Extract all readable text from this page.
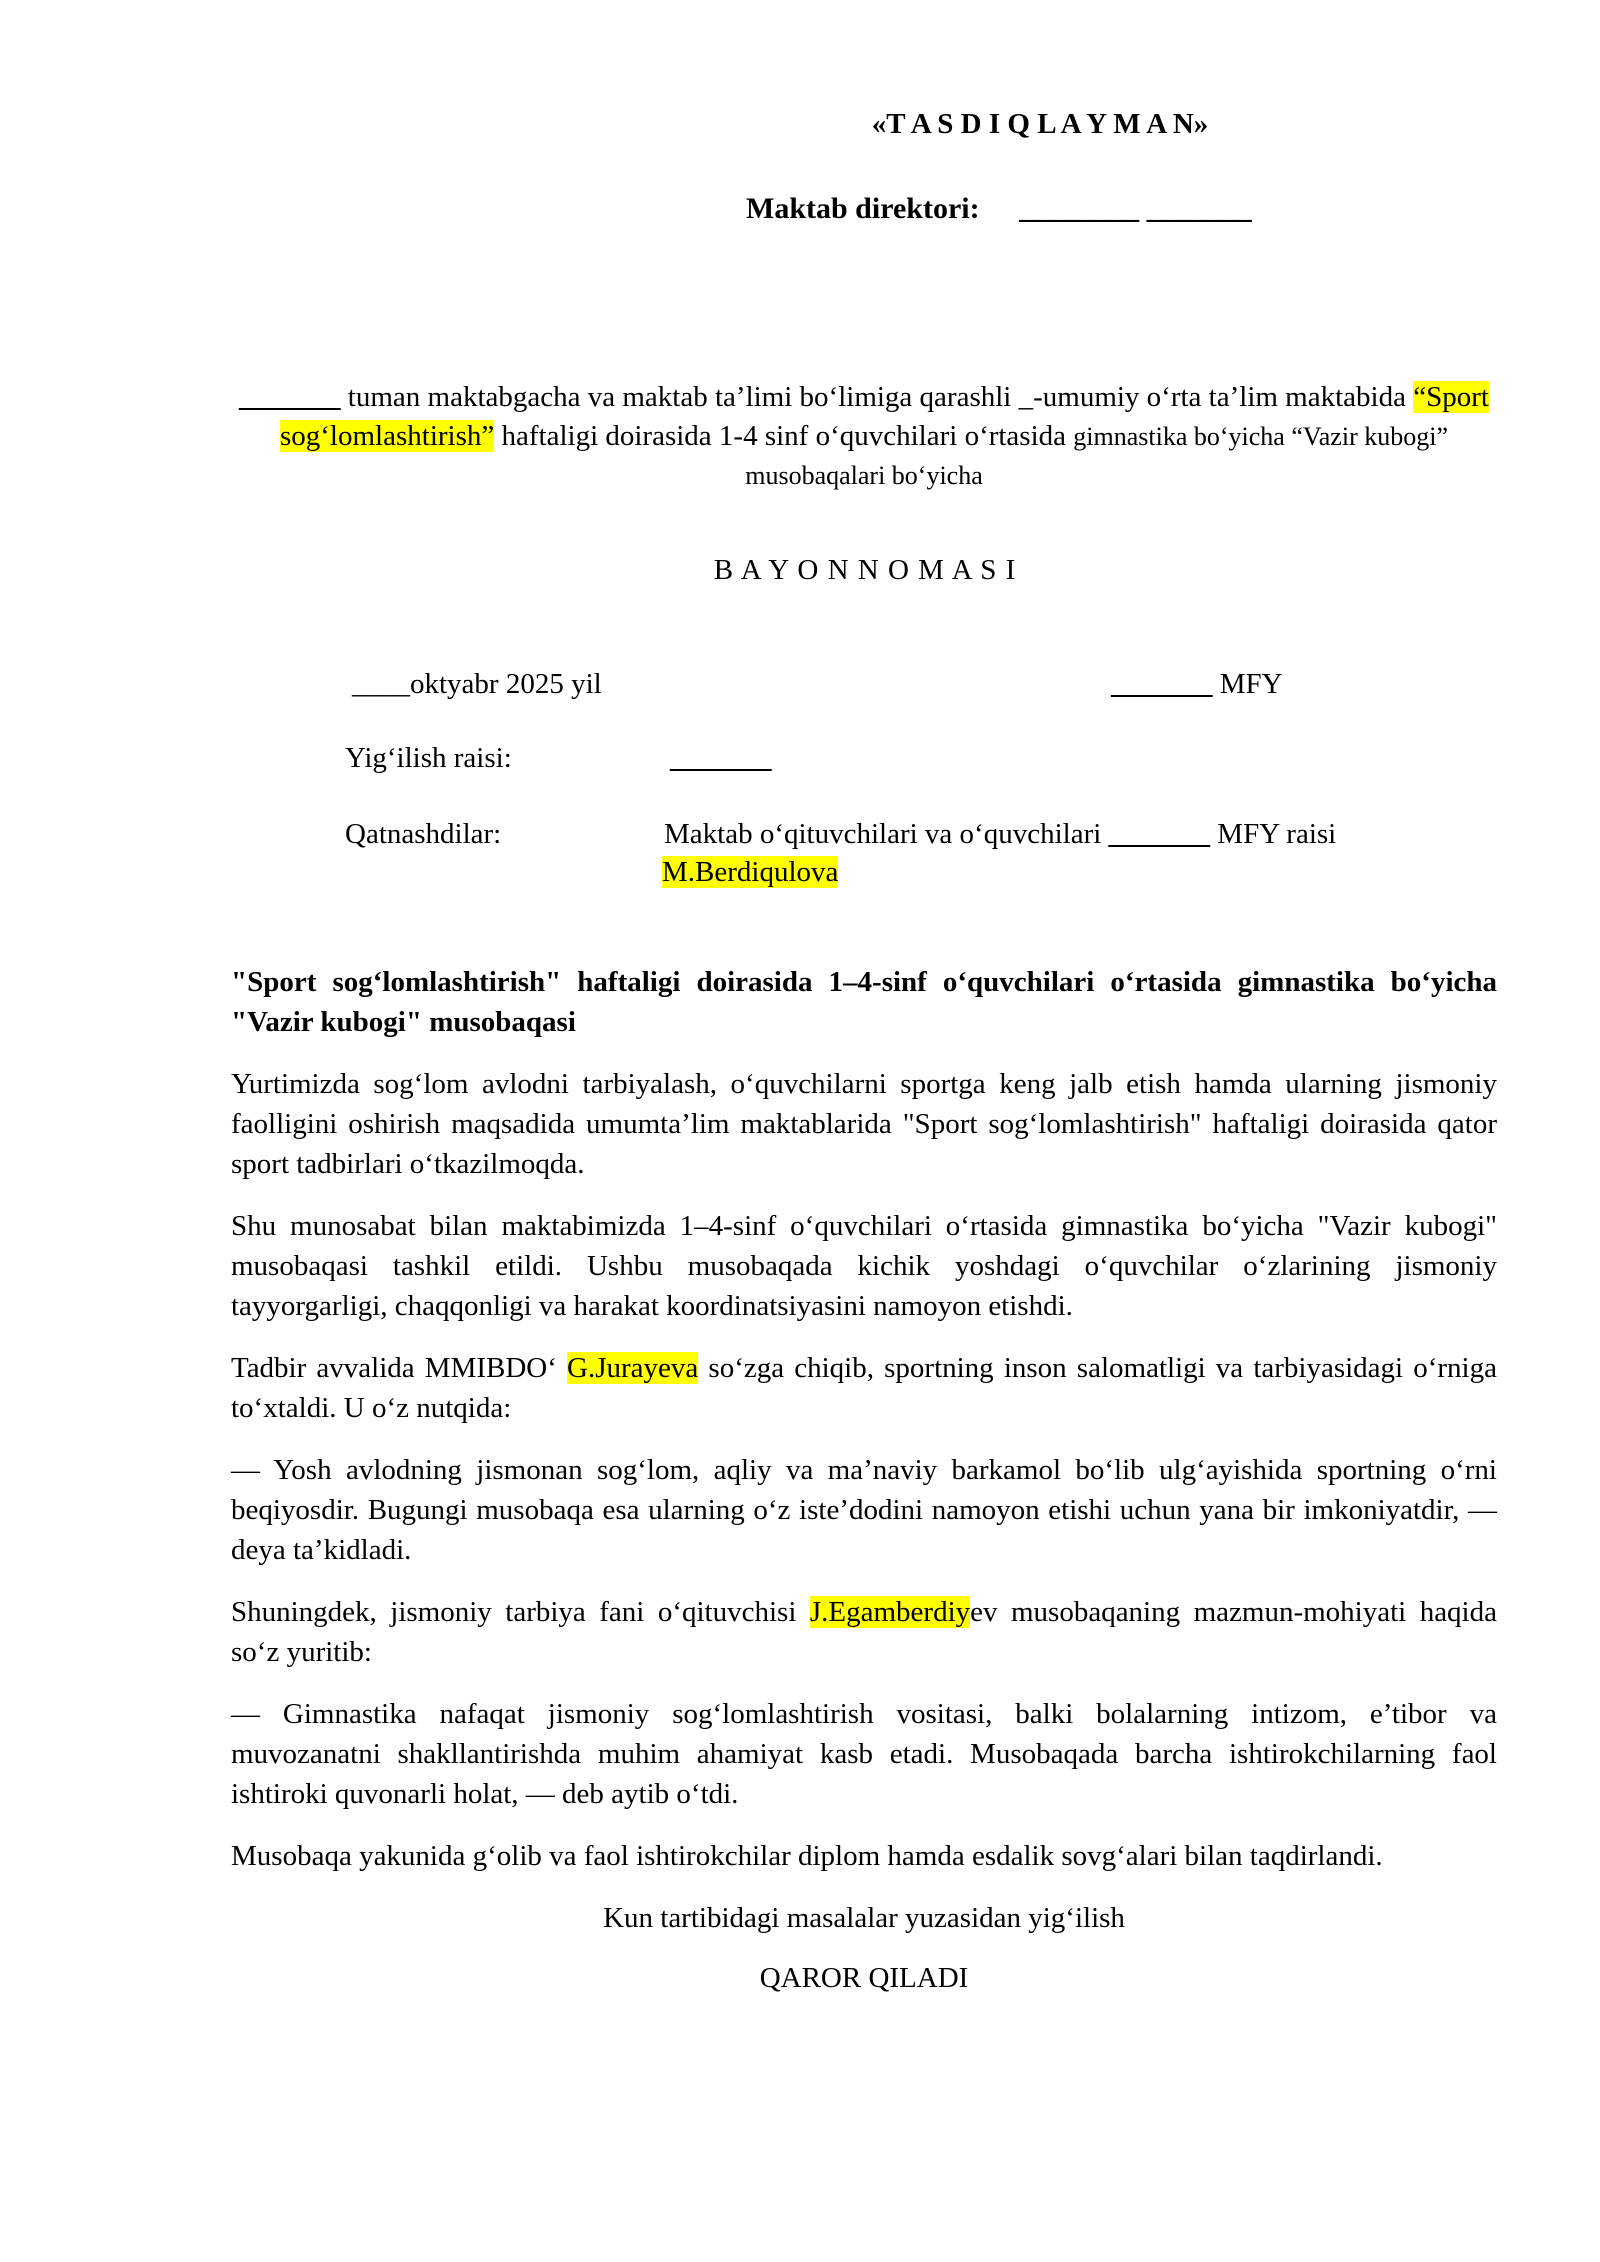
«T A S D I Q L A Y M A N»
Maktab direktori: ________ _______
_______ tuman maktabgacha va maktab ta’limi bo‘limiga qarashli _-umumiy o‘rta ta’lim maktabida “Sport sog‘lomlashtirish” haftaligi doirasida 1-4 sinf o‘quvchilari o‘rtasida gimnastika bo‘yicha “Vazir kubogi” musobaqalari bo‘yicha
B A Y O N N O M A S I
____oktyabr 2025 yil	_______ MFY
Yig‘ilish raisi:	_______
Qatnashdilar:	Maktab o‘qituvchilari va o‘quvchilari _______ MFY raisi
M.Berdiqulova

"Sport sog‘lomlashtirish" haftaligi doirasida 1–4-sinf o‘quvchilari o‘rtasida gimnastika bo‘yicha "Vazir kubogi" musobaqasi

Yurtimizda sog‘lom avlodni tarbiyalash, o‘quvchilarni sportga keng jalb etish hamda ularning jismoniy faolligini oshirish maqsadida umumta’lim maktablarida "Sport sog‘lomlashtirish" haftaligi doirasida qator sport tadbirlari o‘tkazilmoqda.

Shu munosabat bilan maktabimizda 1–4-sinf o‘quvchilari o‘rtasida gimnastika bo‘yicha "Vazir kubogi" musobaqasi tashkil etildi. Ushbu musobaqada kichik yoshdagi o‘quvchilar o‘zlarining jismoniy tayyorgarligi, chaqqonligi va harakat koordinatsiyasini namoyon etishdi.

Tadbir avvalida MMIBDO‘ G.Jurayeva so‘zga chiqib, sportning inson salomatligi va tarbiyasidagi o‘rniga to‘xtaldi. U o‘z nutqida:

— Yosh avlodning jismonan sog‘lom, aqliy va ma’naviy barkamol bo‘lib ulg‘ayishida sportning o‘rni beqiyosdir. Bugungi musobaqa esa ularning o‘z iste’dodini namoyon etishi uchun yana bir imkoniyatdir, — deya ta’kidladi.

Shuningdek, jismoniy tarbiya fani o‘qituvchisi J.Egamberdiyev musobaqaning mazmun-mohiyati haqida so‘z yuritib:

— Gimnastika nafaqat jismoniy sog‘lomlashtirish vositasi, balki bolalarning intizom, e’tibor va muvozanatni shakllantirishda muhim ahamiyat kasb etadi. Musobaqada barcha ishtirokchilarning faol ishtiroki quvonarli holat, — deb aytib o‘tdi.

Musobaqa yakunida g‘olib va faol ishtirokchilar diplom hamda esdalik sovg‘alari bilan taqdirlandi.

Kun tartibidagi masalalar yuzasidan yig‘ilish

QAROR QILADI
